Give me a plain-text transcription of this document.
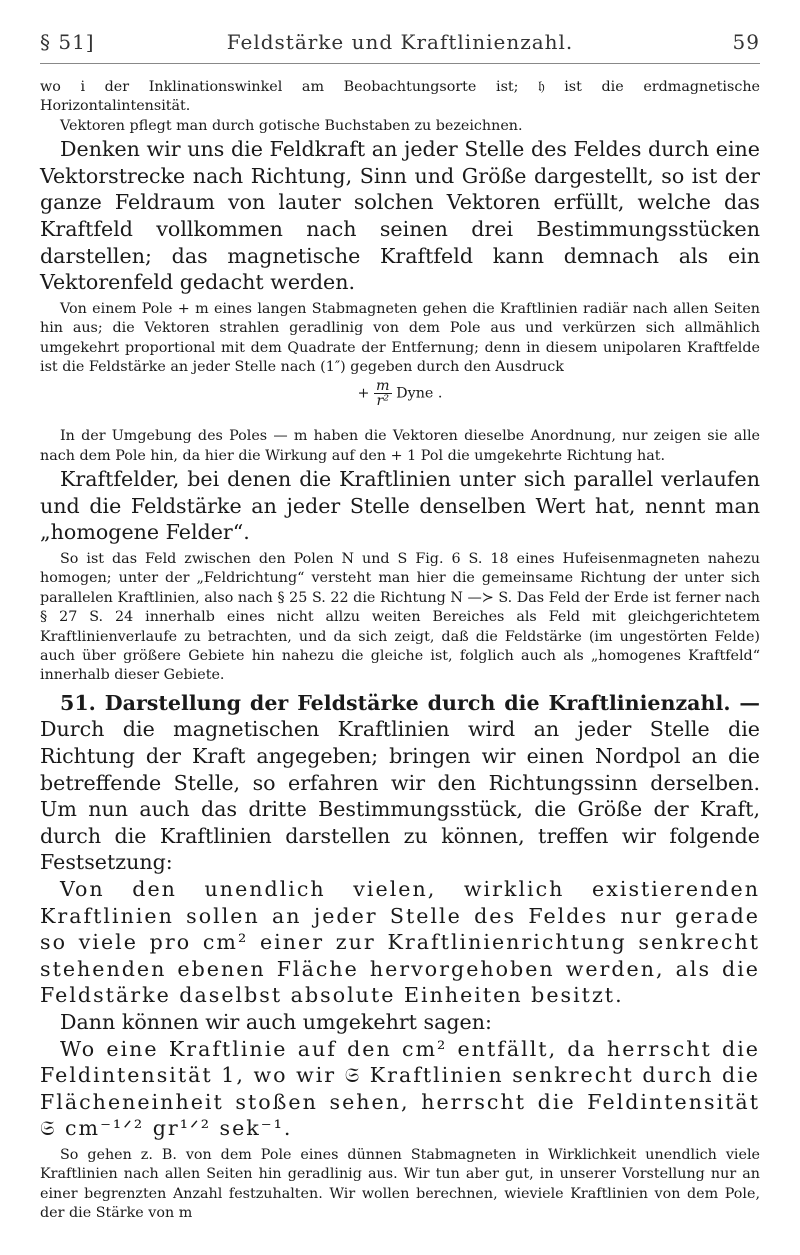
§ 51]	Feldstärke und Kraftlinienzahl.	59

wo i der Inklinationswinkel am Beobachtungsorte ist; 𝔥 ist die erdmagnetische Horizontalintensität.

Vektoren pflegt man durch gotische Buchstaben zu bezeichnen.

Denken wir uns die Feldkraft an jeder Stelle des Feldes durch eine Vektorstrecke nach Richtung, Sinn und Größe dargestellt, so ist der ganze Feldraum von lauter solchen Vektoren erfüllt, welche das Kraftfeld vollkommen nach seinen drei Bestimmungsstücken darstellen; das magnetische Kraftfeld kann demnach als ein Vektorenfeld gedacht werden.

Von einem Pole + m eines langen Stabmagneten gehen die Kraftlinien radiär nach allen Seiten hin aus; die Vektoren strahlen geradlinig von dem Pole aus und verkürzen sich allmählich umgekehrt proportional mit dem Quadrate der Entfernung; denn in diesem unipolaren Kraftfelde ist die Feldstärke an jeder Stelle nach (1″) gegeben durch den Ausdruck

+ $\frac{m}{\text{r²}}$ Dyne .

In der Umgebung des Poles — m haben die Vektoren dieselbe Anordnung, nur zeigen sie alle nach dem Pole hin, da hier die Wirkung auf den + 1 Pol die umgekehrte Richtung hat.

Kraftfelder, bei denen die Kraftlinien unter sich parallel verlaufen und die Feldstärke an jeder Stelle denselben Wert hat, nennt man „homogene Felder“.

So ist das Feld zwischen den Polen N und S Fig. 6 S. 18 eines Hufeisenmagneten nahezu homogen; unter der „Feldrichtung“ versteht man hier die gemeinsame Richtung der unter sich parallelen Kraftlinien, also nach § 25 S. 22 die Richtung N —≻ S. Das Feld der Erde ist ferner nach § 27 S. 24 innerhalb eines nicht allzu weiten Bereiches als Feld mit gleichgerichtetem Kraftlinienverlaufe zu betrachten, und da sich zeigt, daß die Feldstärke (im ungestörten Felde) auch über größere Gebiete hin nahezu die gleiche ist, folglich auch als „homogenes Kraftfeld“ innerhalb dieser Gebiete.

51. Darstellung der Feldstärke durch die Kraftlinienzahl. — Durch die magnetischen Kraftlinien wird an jeder Stelle die Richtung der Kraft angegeben; bringen wir einen Nordpol an die betreffende Stelle, so erfahren wir den Richtungssinn derselben. Um nun auch das dritte Bestimmungsstück, die Größe der Kraft, durch die Kraftlinien darstellen zu können, treffen wir folgende Festsetzung:

Von den unendlich vielen, wirklich existierenden Kraftlinien sollen an jeder Stelle des Feldes nur gerade so viele pro cm² einer zur Kraftlinienrichtung senkrecht stehenden ebenen Fläche hervorgehoben werden, als die Feldstärke daselbst absolute Einheiten besitzt.

Dann können wir auch umgekehrt sagen:

Wo eine Kraftlinie auf den cm² entfällt, da herrscht die Feldintensität 1, wo wir 𝔖 Kraftlinien senkrecht durch die Flächeneinheit stoßen sehen, herrscht die Feldintensität 𝔖 cm⁻¹ᐟ² gr¹ᐟ² sek⁻¹.

So gehen z. B. von dem Pole eines dünnen Stabmagneten in Wirklichkeit unendlich viele Kraftlinien nach allen Seiten hin geradlinig aus. Wir tun aber gut, in unserer Vorstellung nur an einer begrenzten Anzahl festzuhalten. Wir wollen berechnen, wieviele Kraftlinien von dem Pole, der die Stärke von m
